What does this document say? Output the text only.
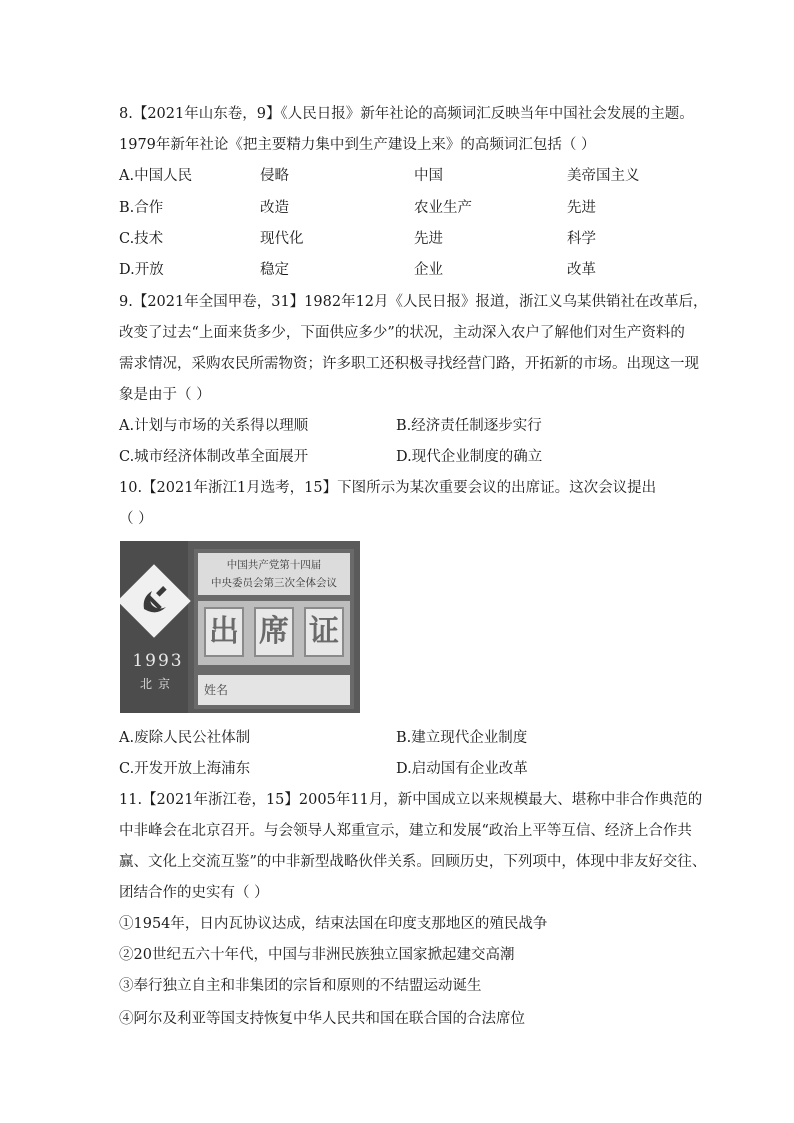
8.【2021年山东卷，9】《人民日报》新年社论的高频词汇反映当年中国社会发展的主题。
1979年新年社论《把主要精力集中到生产建设上来》的高频词汇包括（ ）
A.中国人民	侵略	中国	美帝国主义
B.合作	改造	农业生产	先进
C.技术	现代化	先进	科学
D.开放	稳定	企业	改革
9.【2021年全国甲卷，31】1982年12月《人民日报》报道，浙江义乌某供销社在改革后，
改变了过去“上面来货多少，下面供应多少”的状况，主动深入农户了解他们对生产资料的
需求情况，采购农民所需物资；许多职工还积极寻找经营门路，开拓新的市场。出现这一现
象是由于（ ）
A.计划与市场的关系得以理顺	B.经济责任制逐步实行
C.城市经济体制改革全面展开	D.现代企业制度的确立
10.【2021年浙江1月选考，15】下图所示为某次重要会议的出席证。这次会议提出
（ ）
1993
北京
中国共产党第十四届
中央委员会第三次全体会议
出 席 证
姓名
A.废除人民公社体制	B.建立现代企业制度
C.开发开放上海浦东	D.启动国有企业改革
11.【2021年浙江卷，15】2005年11月，新中国成立以来规模最大、堪称中非合作典范的
中非峰会在北京召开。与会领导人郑重宣示，建立和发展“政治上平等互信、经济上合作共
赢、文化上交流互鉴”的中非新型战略伙伴关系。回顾历史，下列项中，体现中非友好交往、
团结合作的史实有（ ）
①1954年，日内瓦协议达成，结束法国在印度支那地区的殖民战争
②20世纪五六十年代，中国与非洲民族独立国家掀起建交高潮
③奉行独立自主和非集团的宗旨和原则的不结盟运动诞生
④阿尔及利亚等国支持恢复中华人民共和国在联合国的合法席位
